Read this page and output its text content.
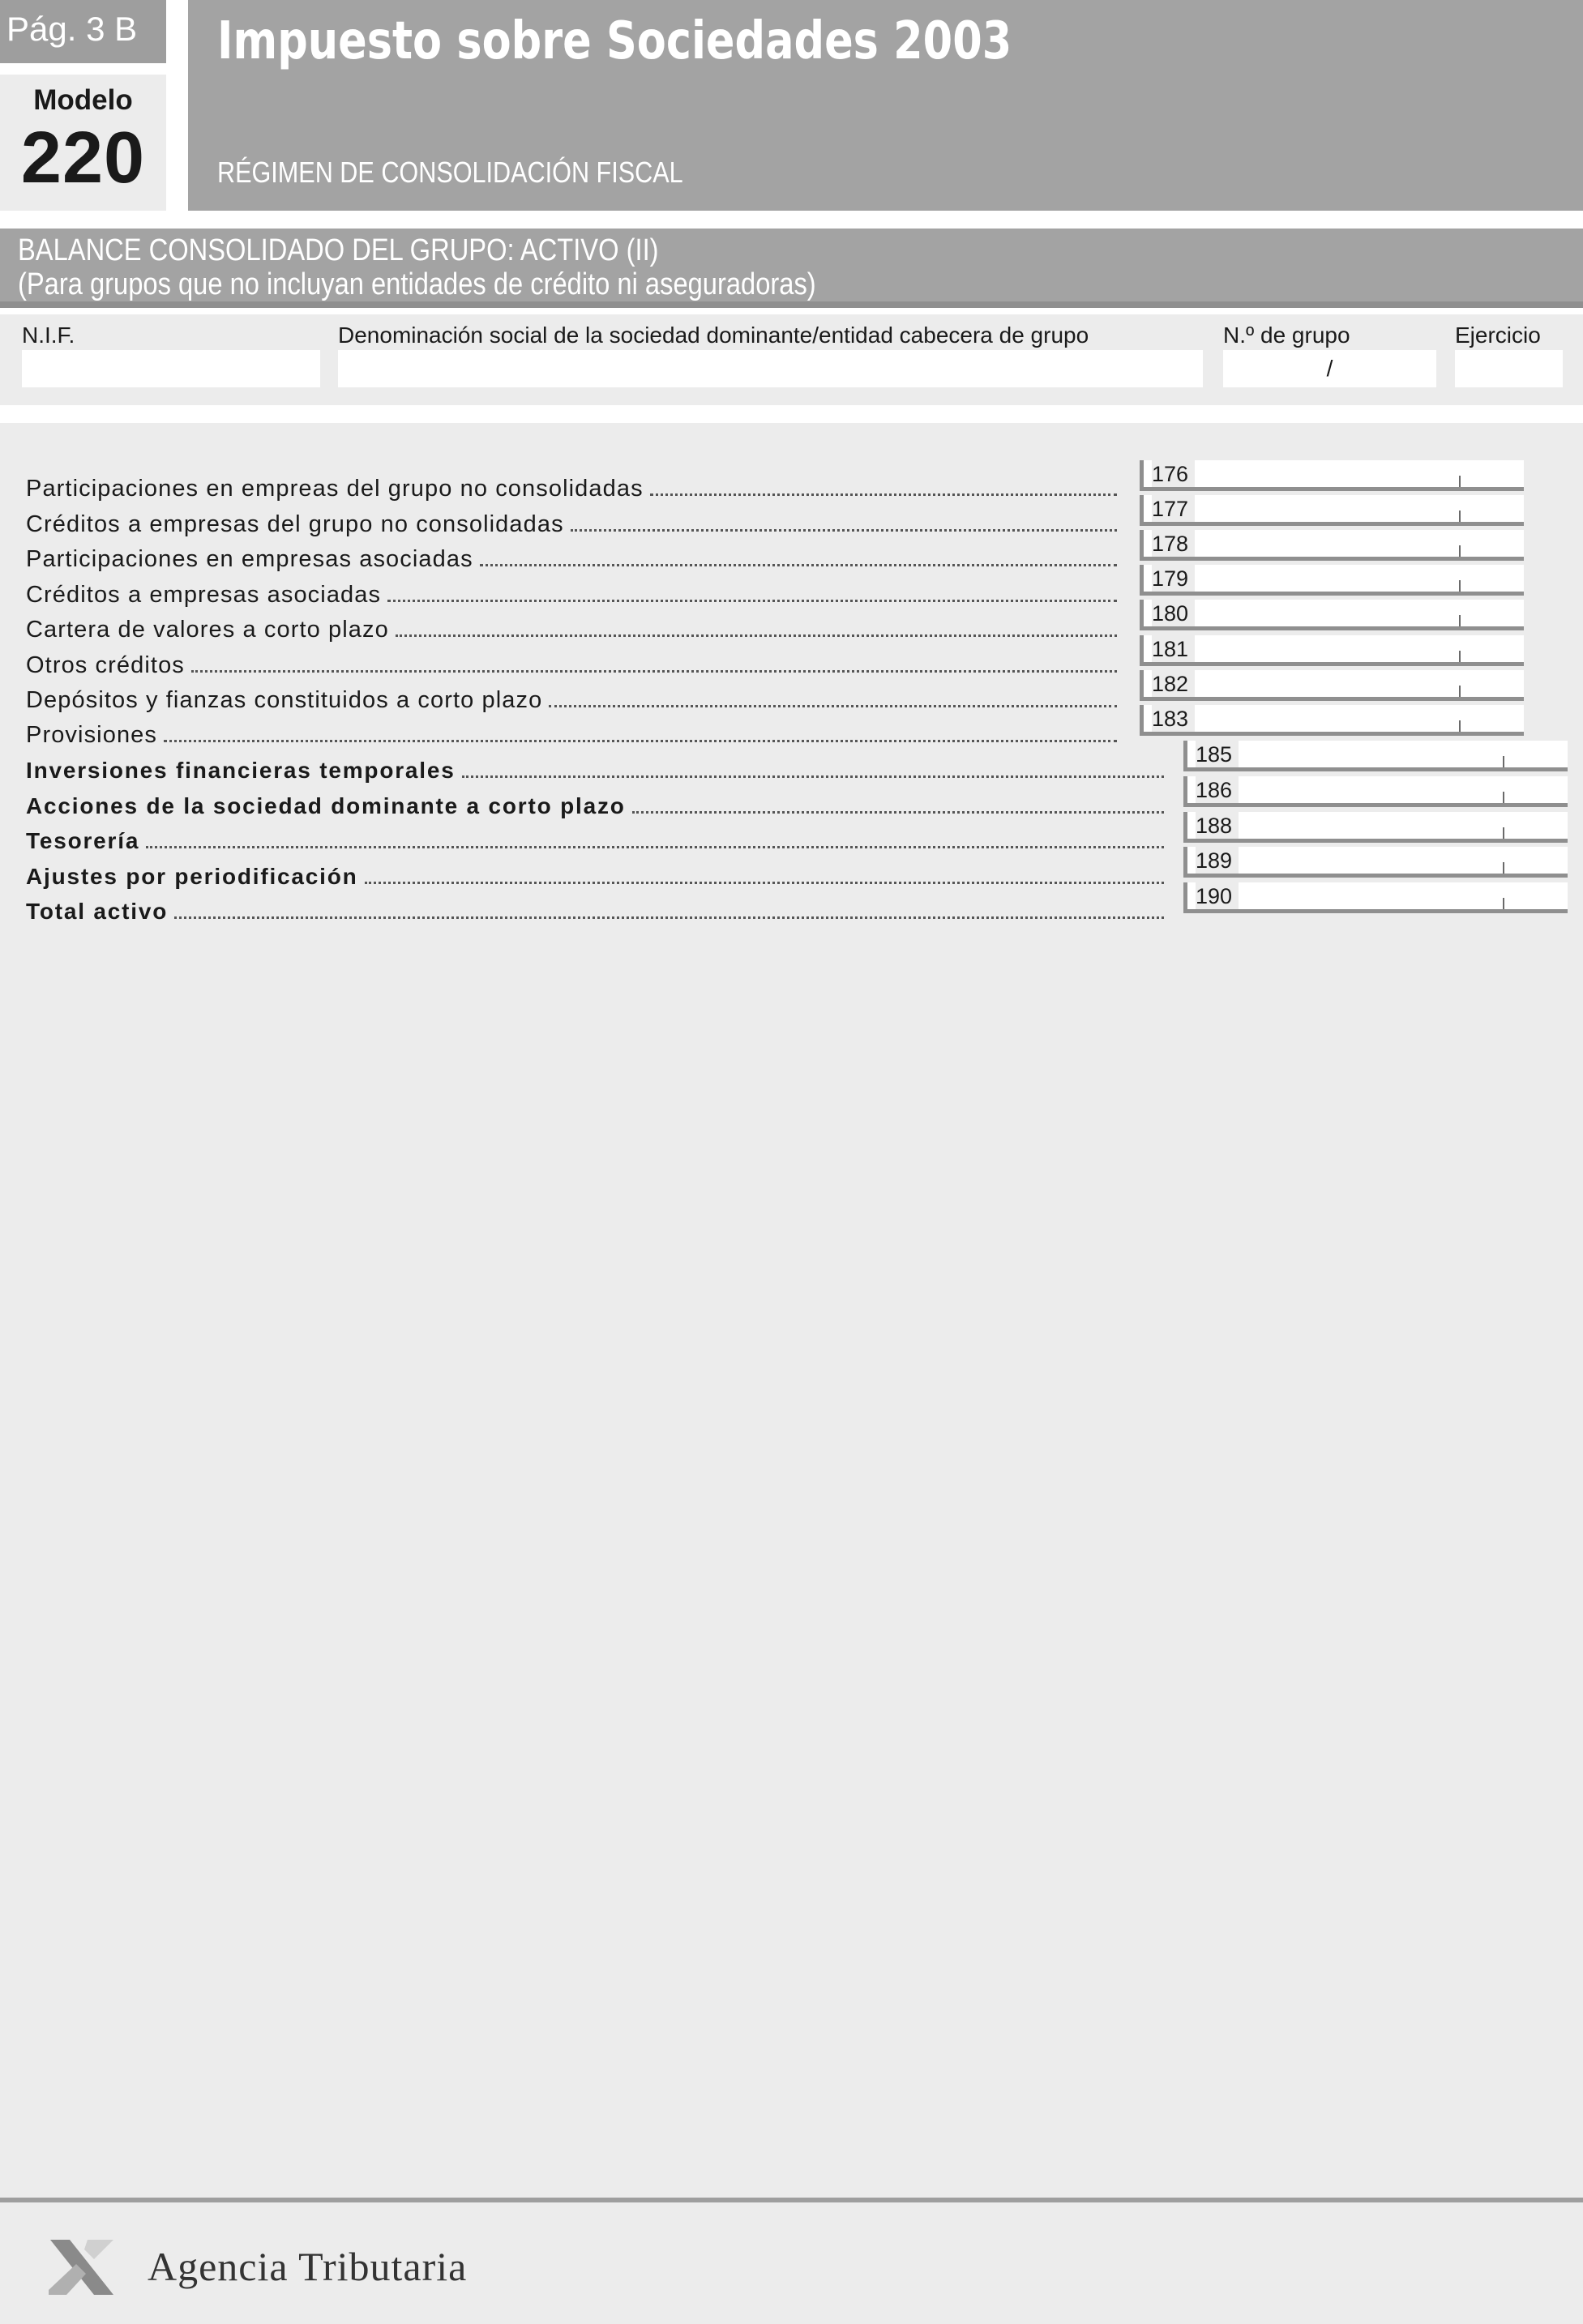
Pág. 3 B
Modelo
220
Impuesto sobre Sociedades 2003
RÉGIMEN DE CONSOLIDACIÓN FISCAL
BALANCE CONSOLIDADO DEL GRUPO: ACTIVO (II)
(Para grupos que no incluyan entidades de crédito ni aseguradoras)
N.I.F.	Denominación social de la sociedad dominante/entidad cabecera de grupo	N.º de grupo
/
Ejercicio
Participaciones en empreas del grupo no consolidadas
176
Créditos a empresas del grupo no consolidadas
177
Participaciones en empresas asociadas
178
Créditos a empresas asociadas
179
Cartera de valores a corto plazo
180
Otros créditos
181
Depósitos y fianzas constituidos a corto plazo
182
Provisiones
183
Inversiones financieras temporales
185
Acciones de la sociedad dominante a corto plazo
186
Tesorería
188
Ajustes por periodificación
189
Total activo
190
Agencia Tributaria
